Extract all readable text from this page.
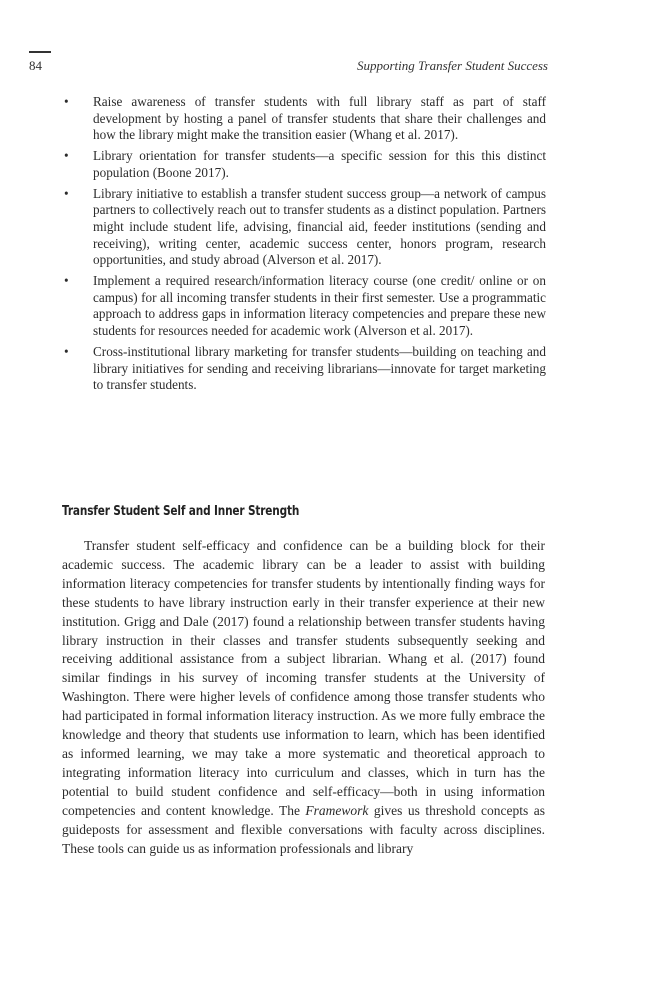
84	Supporting Transfer Student Success
• Raise awareness of transfer students with full library staff as part of staff development by hosting a panel of transfer students that share their challenges and how the library might make the transition easier (Whang et al. 2017).
• Library orientation for transfer students—a specific session for this this distinct population (Boone 2017).
• Library initiative to establish a transfer student success group—a network of campus partners to collectively reach out to transfer students as a distinct population. Partners might include student life, advising, financial aid, feeder institutions (sending and receiving), writing center, academic success center, honors program, research opportunities, and study abroad (Alverson et al. 2017).
• Implement a required research/information literacy course (one credit/ online or on campus) for all incoming transfer students in their first semester. Use a programmatic approach to address gaps in information literacy competencies and prepare these new students for resources needed for academic work (Alverson et al. 2017).
• Cross-institutional library marketing for transfer students—building on teaching and library initiatives for sending and receiving librarians—innovate for target marketing to transfer students.
Transfer Student Self and Inner Strength

Transfer student self-efficacy and confidence can be a building block for their academic success. The academic library can be a leader to assist with building information literacy competencies for transfer students by intentionally finding ways for these students to have library instruction early in their transfer experience at their new institution. Grigg and Dale (2017) found a relationship between transfer students having library instruction in their classes and transfer students subsequently seeking and receiving additional assistance from a subject librarian. Whang et al. (2017) found similar findings in his survey of incoming transfer students at the University of Washington. There were higher levels of confidence among those transfer students who had participated in formal information literacy instruction. As we more fully embrace the knowledge and theory that students use information to learn, which has been identified as informed learning, we may take a more systematic and theoretical approach to integrating information literacy into curriculum and classes, which in turn has the potential to build student confidence and self-efficacy—both in using information competencies and content knowledge. The Framework gives us threshold concepts as guideposts for assessment and flexible conversations with faculty across disciplines. These tools can guide us as information professionals and library
